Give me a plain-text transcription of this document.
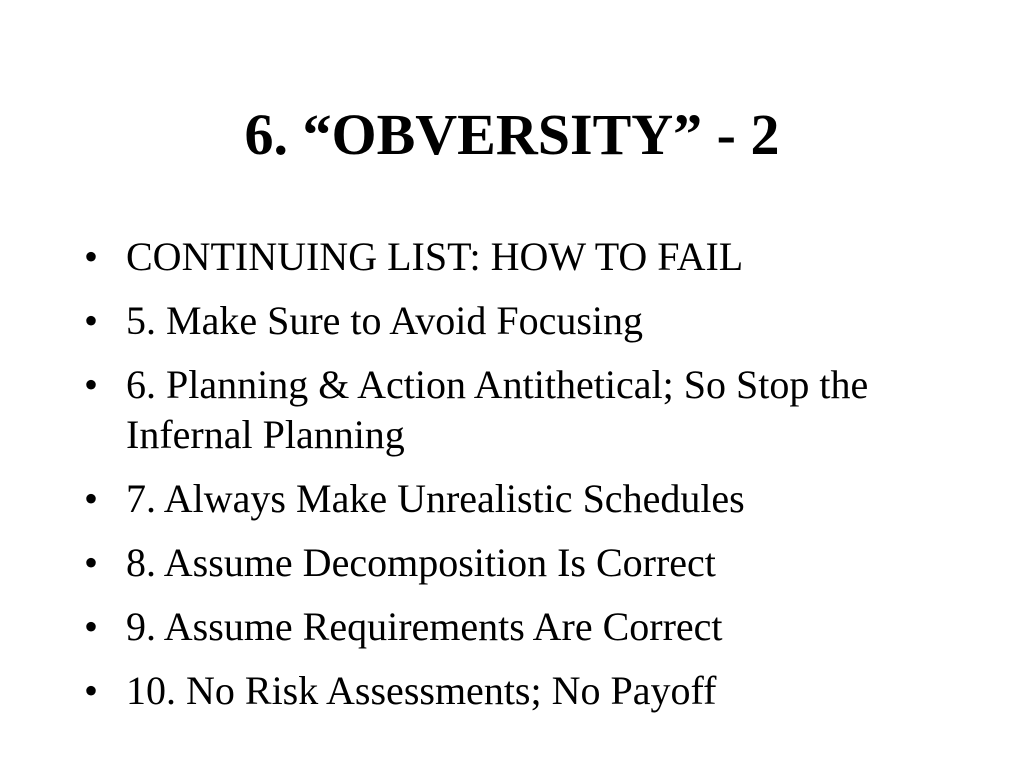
6. “OBVERSITY” - 2
• CONTINUING LIST: HOW TO FAIL
• 5. Make Sure to Avoid Focusing
• 6. Planning & Action Antithetical; So Stop the Infernal Planning
• 7. Always Make Unrealistic Schedules
• 8. Assume Decomposition Is Correct
• 9. Assume Requirements Are Correct
• 10. No Risk Assessments; No Payoff
